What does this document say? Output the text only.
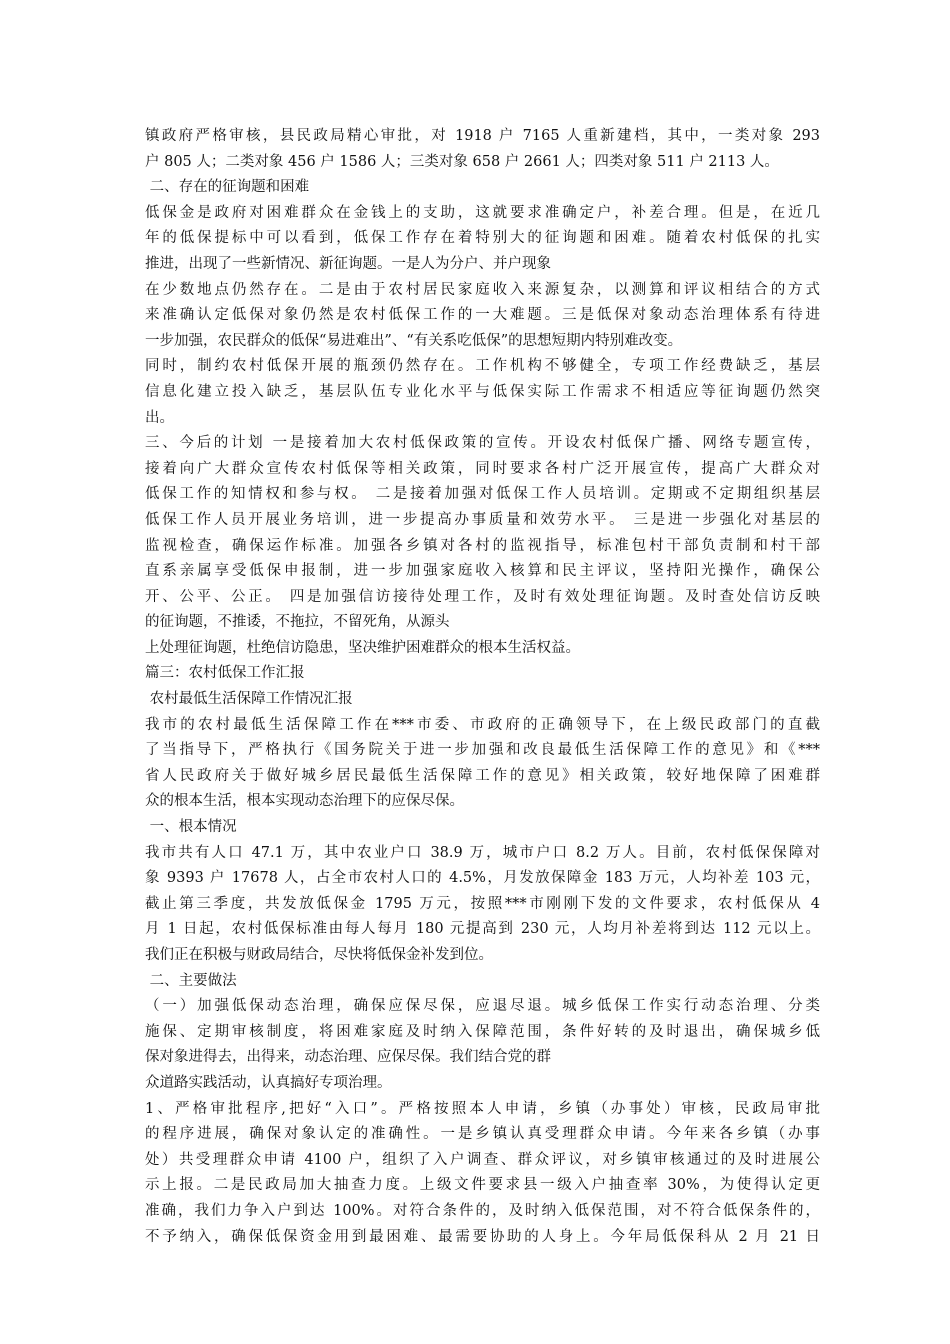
镇政府严格审核，县民政局精心审批，对 1918 户 7165 人重新建档，其中，一类对象 293
户 805 人；二类对象 456 户 1586 人；三类对象 658 户 2661 人；四类对象 511 户 2113 人。
二、存在的征询题和困难
低保金是政府对困难群众在金钱上的支助，这就要求准确定户，补差合理。但是，在近几
年的低保提标中可以看到，低保工作存在着特别大的征询题和困难。随着农村低保的扎实
推进，出现了一些新情况、新征询题。一是人为分户、并户现象
在少数地点仍然存在。二是由于农村居民家庭收入来源复杂，以测算和评议相结合的方式
来准确认定低保对象仍然是农村低保工作的一大难题。三是低保对象动态治理体系有待进
一步加强，农民群众的低保“易进难出”、“有关系吃低保”的思想短期内特别难改变。
同时，制约农村低保开展的瓶颈仍然存在。工作机构不够健全，专项工作经费缺乏，基层
信息化建立投入缺乏，基层队伍专业化水平与低保实际工作需求不相适应等征询题仍然突
出。
三、今后的计划 一是接着加大农村低保政策的宣传。开设农村低保广播、网络专题宣传，
接着向广大群众宣传农村低保等相关政策，同时要求各村广泛开展宣传，提高广大群众对
低保工作的知情权和参与权。 二是接着加强对低保工作人员培训。定期或不定期组织基层
低保工作人员开展业务培训，进一步提高办事质量和效劳水平。 三是进一步强化对基层的
监视检查，确保运作标准。加强各乡镇对各村的监视指导，标准包村干部负责制和村干部
直系亲属享受低保申报制，进一步加强家庭收入核算和民主评议，坚持阳光操作，确保公
开、公平、公正。 四是加强信访接待处理工作，及时有效处理征询题。及时查处信访反映
的征询题，不推诿，不拖拉，不留死角，从源头
上处理征询题，杜绝信访隐患，坚决维护困难群众的根本生活权益。
篇三：农村低保工作汇报
农村最低生活保障工作情况汇报
我市的农村最低生活保障工作在***市委、市政府的正确领导下，在上级民政部门的直截
了当指导下，严格执行《国务院关于进一步加强和改良最低生活保障工作的意见》和《***
省人民政府关于做好城乡居民最低生活保障工作的意见》相关政策，较好地保障了困难群
众的根本生活，根本实现动态治理下的应保尽保。
一、根本情况
我市共有人口 47.1 万，其中农业户口 38.9 万，城市户口 8.2 万人。目前，农村低保保障对
象 9393 户 17678 人，占全市农村人口的 4.5%，月发放保障金 183 万元，人均补差 103 元，
截止第三季度，共发放低保金 1795 万元，按照***市刚刚下发的文件要求，农村低保从 4
月 1 日起，农村低保标准由每人每月 180 元提高到 230 元，人均月补差将到达 112 元以上。
我们正在积极与财政局结合，尽快将低保金补发到位。
二、主要做法
（一）加强低保动态治理，确保应保尽保，应退尽退。城乡低保工作实行动态治理、分类
施保、定期审核制度，将困难家庭及时纳入保障范围，条件好转的及时退出，确保城乡低
保对象进得去，出得来，动态治理、应保尽保。我们结合党的群
众道路实践活动，认真搞好专项治理。
1、严格审批程序,把好“入口”。严格按照本人申请，乡镇（办事处）审核，民政局审批
的程序进展，确保对象认定的准确性。一是乡镇认真受理群众申请。今年来各乡镇（办事
处）共受理群众申请 4100 户，组织了入户调查、群众评议，对乡镇审核通过的及时进展公
示上报。二是民政局加大抽查力度。上级文件要求县一级入户抽查率 30%，为使得认定更
准确，我们力争入户到达 100%。对符合条件的，及时纳入低保范围，对不符合低保条件的，
不予纳入，确保低保资金用到最困难、最需要协助的人身上。今年局低保科从 2 月 21 日
